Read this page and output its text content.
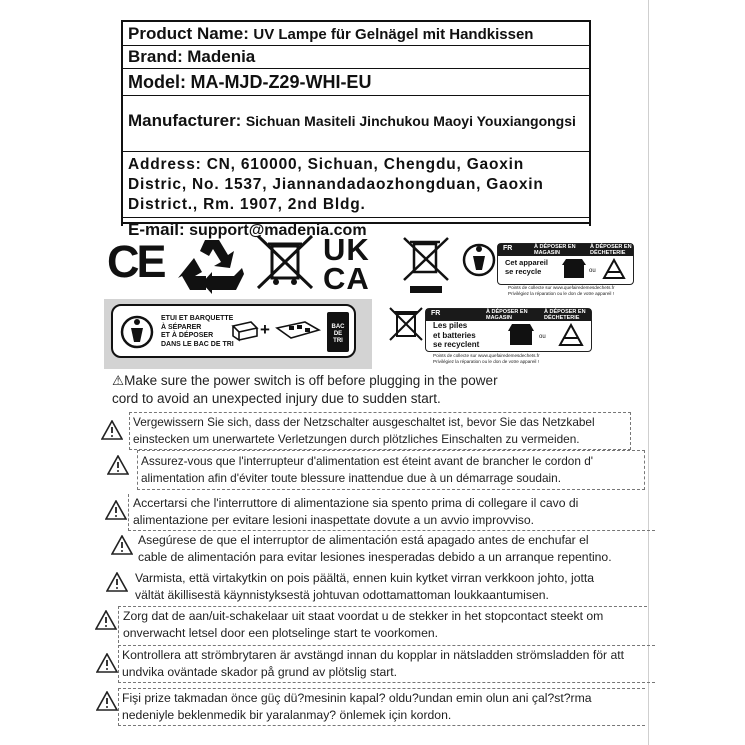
Product Name: UV Lampe für Gelnägel mit Handkissen
Brand: Madenia
Model: MA-MJD-Z29-WHI-EU
Manufacturer: Sichuan Masiteli Jinchukou Maoyi Youxiangongsi
Address: CN, 610000, Sichuan, Chengdu, Gaoxin
Distric, No. 1537, Jiannandadaozhongduan, Gaoxin
District., Rm. 1907, 2nd Bldg.
E-mail: support@madenia.com
CE	UK
CA
FR	À DÉPOSER EN MAGASIN
À DÉPOSER EN DÉCHETERIE
Cet appareil
se recycle	ou
Points de collecte sur www.quefairedemesdechets.fr
Privilégiez la réparation ou le don de votre appareil !
ETUI ET BARQUETTE
À SÉPARER
ET À DÉPOSER
DANS LE BAC DE TRI
+	BAC
DE
TRI
FR	À DÉPOSER EN MAGASIN
À DÉPOSER EN DÉCHETERIE
Les piles
et batteries
se recyclent
ou
Points de collecte sur www.quefairedemesdechets.fr
Privilégiez la réparation ou le don de votre appareil !
⚠Make sure the power switch is off before plugging in the power
cord to avoid an unexpected injury due to sudden start.
Vergewissern Sie sich, dass der Netzschalter ausgeschaltet ist, bevor Sie das Netzkabel
einstecken um unerwartete Verletzungen durch plötzliches Einschalten zu vermeiden.
Assurez-vous que l'interrupteur d'alimentation est éteint avant de brancher le cordon d'
alimentation afin d'éviter toute blessure inattendue due à un démarrage soudain.
Accertarsi che l'interruttore di alimentazione sia spento prima di collegare il cavo di
alimentazione per evitare lesioni inaspettate dovute a un avvio improvviso.
Asegúrese de que el interruptor de alimentación está apagado antes de enchufar el
cable de alimentación para evitar lesiones inesperadas debido a un arranque repentino.
Varmista, että virtakytkin on pois päältä, ennen kuin kytket virran verkkoon johto, jotta
vältät äkillisestä käynnistyksestä johtuvan odottamattoman loukkaantumisen.
Zorg dat de aan/uit-schakelaar uit staat voordat u de stekker in het stopcontact steekt om
onverwacht letsel door een plotselinge start te voorkomen.
Kontrollera att strömbrytaren är avstängd innan du kopplar in nätsladden strömsladden för att
undvika oväntade skador på grund av plötslig start.
Fişi prize takmadan önce güç dü?mesinin kapal? oldu?undan emin olun ani çal?st?rma
nedeniyle beklenmedik bir yaralanmay? önlemek için kordon.
